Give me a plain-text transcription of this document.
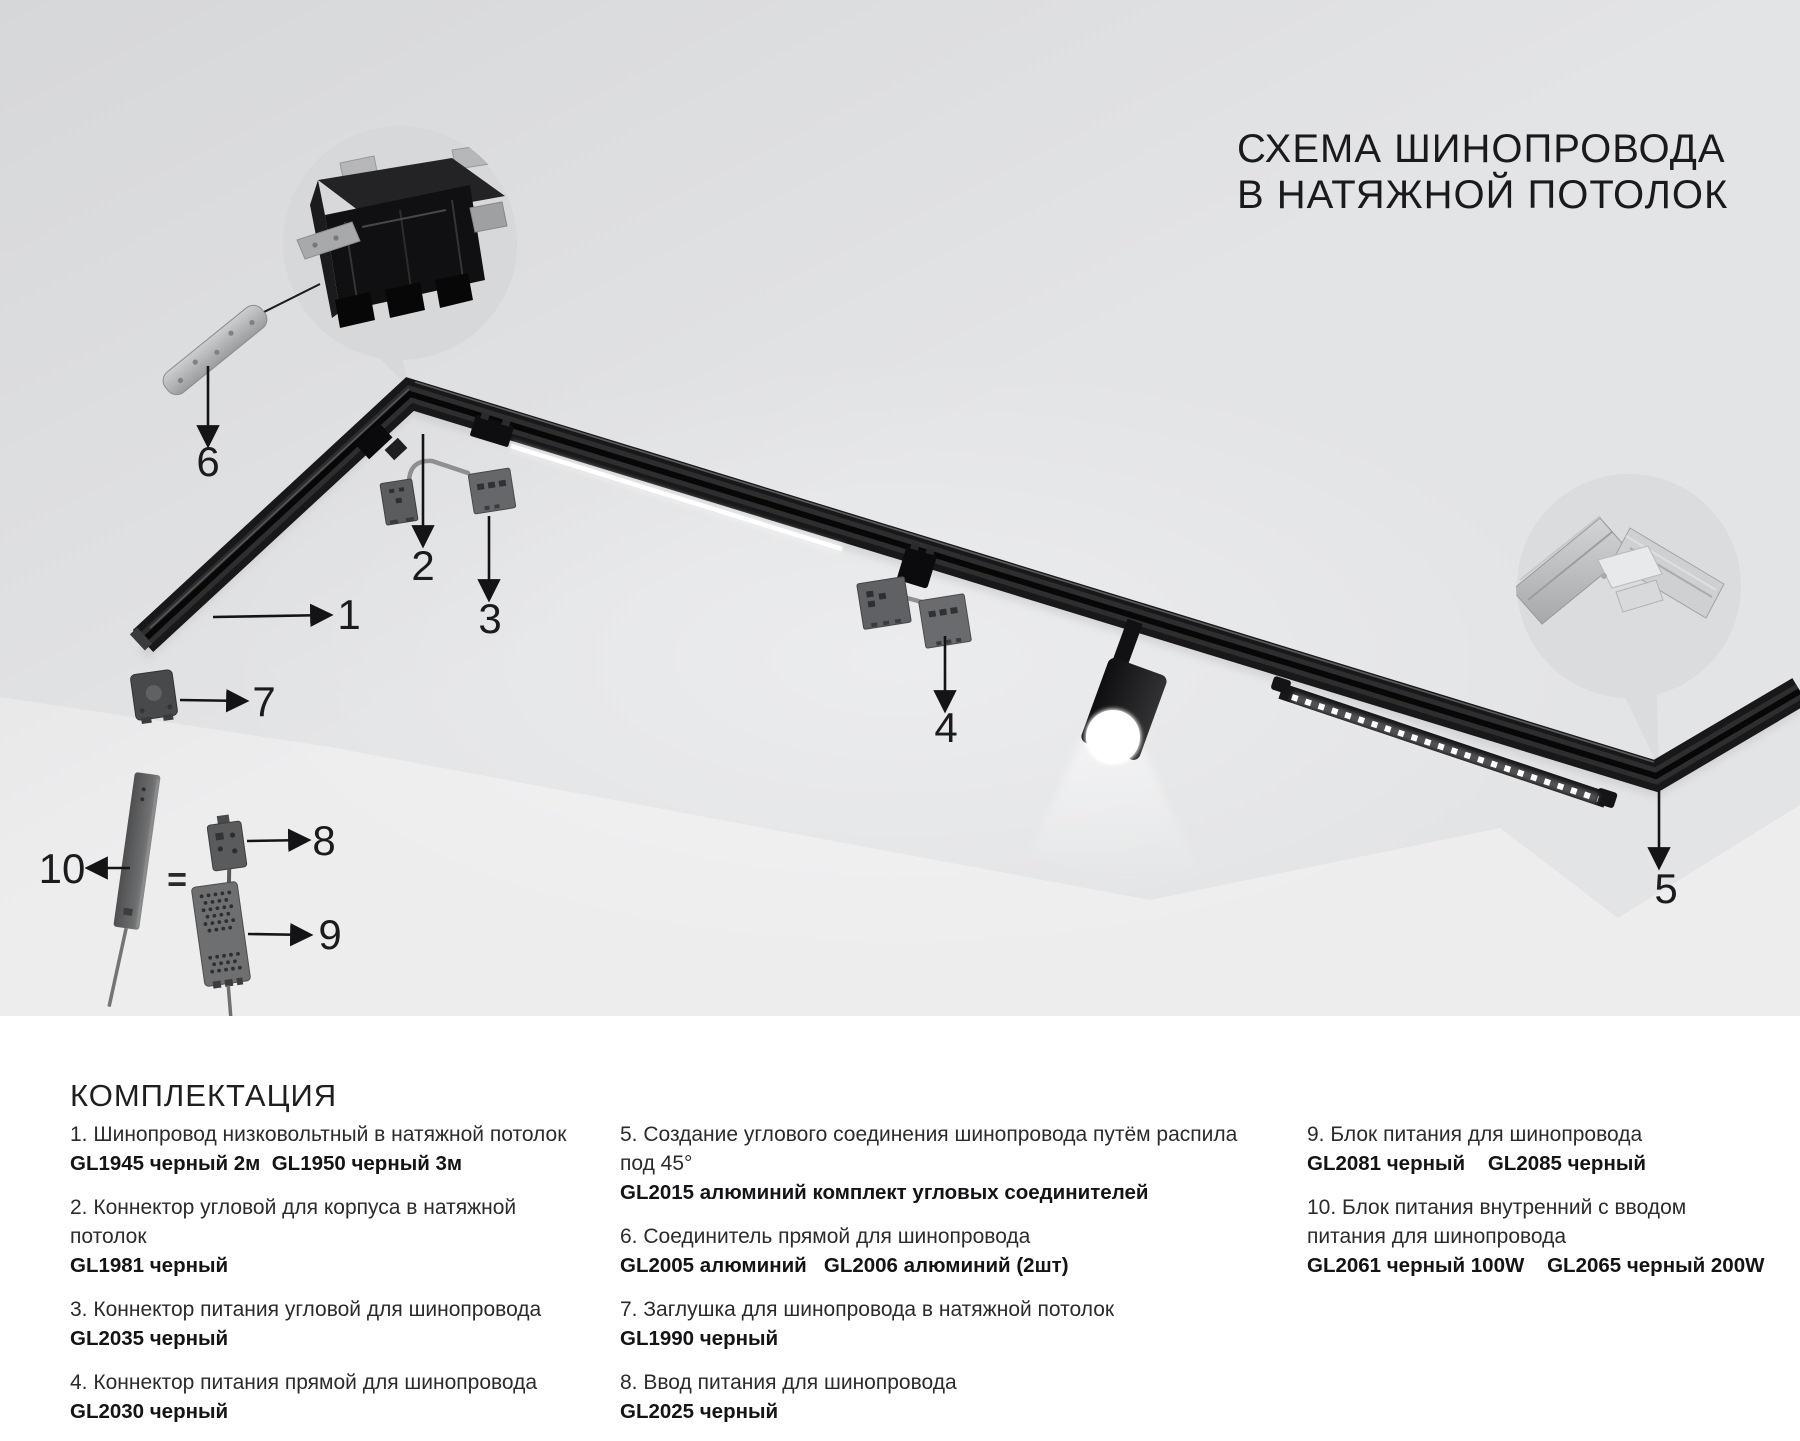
СХЕМА ШИНОПРОВОДА
В НАТЯЖНОЙ ПОТОЛОК
1
2
3
4
5
6
7
8
9
10 =
КОМПЛЕКТАЦИЯ
1. Шинопровод низковольтный в натяжной потолок
GL1945 черный 2м  GL1950 черный 3м
2. Коннектор угловой для корпуса в натяжной потолок
GL1981 черный
3. Коннектор питания угловой для шинопровода
GL2035 черный
4. Коннектор питания прямой для шинопровода
GL2030 черный
5. Создание углового соединения шинопровода путём распила под 45°
GL2015 алюминий комплект угловых соединителей
6. Соединитель прямой для шинопровода
GL2005 алюминий   GL2006 алюминий (2шт)
7. Заглушка для шинопровода в натяжной потолок
GL1990 черный
8. Ввод питания для шинопровода
GL2025 черный
9. Блок питания для шинопровода
GL2081 черный    GL2085 черный
10. Блок питания внутренний с вводом питания для шинопровода
GL2061 черный 100W    GL2065 черный 200W
